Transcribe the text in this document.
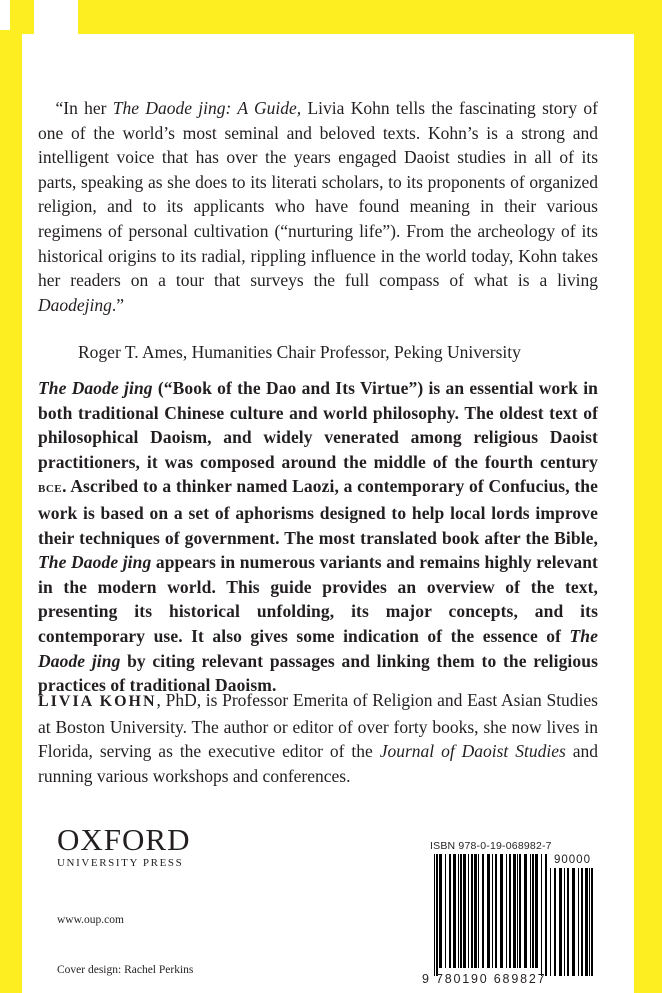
“In her The Daode jing: A Guide, Livia Kohn tells the fascinating story of one of the world’s most seminal and beloved texts. Kohn’s is a strong and intelligent voice that has over the years engaged Daoist studies in all of its parts, speaking as she does to its literati scholars, to its proponents of organized religion, and to its applicants who have found meaning in their various regimens of personal cultivation (“nurturing life”). From the archeology of its historical origins to its radial, rippling influence in the world today, Kohn takes her readers on a tour that surveys the full compass of what is a living Daodejing.”

Roger T. Ames, Humanities Chair Professor, Peking University

The Daode jing (“Book of the Dao and Its Virtue”) is an essential work in both traditional Chinese culture and world philosophy. The oldest text of philosophical Daoism, and widely venerated among religious Daoist practitioners, it was composed around the middle of the fourth century bce. Ascribed to a thinker named Laozi, a contemporary of Confucius, the work is based on a set of aphorisms designed to help local lords improve their techniques of government. The most translated book after the Bible, The Daode jing appears in numerous variants and remains highly relevant in the modern world. This guide provides an overview of the text, presenting its historical unfolding, its major concepts, and its contemporary use. It also gives some indication of the essence of The Daode jing by citing relevant passages and linking them to the religious practices of traditional Daoism.

LIVIA KOHN, PhD, is Professor Emerita of Religion and East Asian Studies at Boston University. The author or editor of over forty books, she now lives in Florida, serving as the executive editor of the Journal of Daoist Studies and running various workshops and conferences.

OXFORD

UNIVERSITY PRESS

www.oup.com
Cover design: Rachel Perkins
ISBN 978-0-19-068982-7
90000
9 780190 689827
